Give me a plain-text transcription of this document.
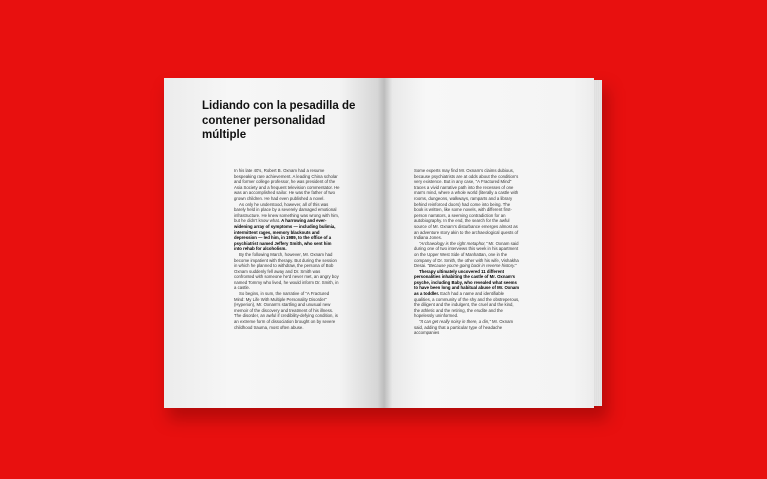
Lidiando con la pesadilla de contener personalidad múltiple

In his late 40's, Robert B. Oxnam had a resume bespeaking rare achievement. A leading China scholar and former college professor, he was president of the Asia Society and a frequent television commentator. He was an accomplished sailor. He was the father of two grown children. He had even published a novel.

As only he understood, however, all of this was barely held in place by a severely damaged emotional infrastructure. He knew something was wrong with him, but he didn't know what. A harrowing and ever-widening array of symptoms — including bulimia, intermittent rages, memory blackouts and depression — led him, in 1989, to the office of a psychiatrist named Jeffery Smith, who sent him into rehab for alcoholism.

By the following March, however, Mr. Oxnam had become impatient with therapy. But during the session in which he planned to withdraw, the persona of Bob Oxnam suddenly fell away and Dr. Smith was confronted with someone he'd never met, an angry boy named Tommy who lived, he would inform Dr. Smith, in a castle.

So begins, in sum, the narrative of "A Fractured Mind: My Life With Multiple Personality Disorder" (Hyperion), Mr. Oxnam's startling and unusual new memoir of the discovery and treatment of his illness. The disorder, an awful if credibility-defying condition, is an extreme form of dissociation brought on by severe childhood trauma, most often abuse.

Some experts may find Mr. Oxnam's claims dubious, because psychiatrists are at odds about the condition's very existence. But in any case, "A Fractured Mind" traces a vivid narrative path into the recesses of one man's mind, where a whole world (literally a castle with rooms, dungeons, walkways, ramparts and a library behind reinforced doors) had come into being. The book is written, like some novels, with different first-person narrators, a seeming contradiction for an autobiography. In the end, the search for the awful source of Mr. Oxnam's disturbance emerges almost as an adventure story akin to the archaeological quests of Indiana Jones.

"Archaeology is the right metaphor," Mr. Oxnam said during one of two interviews this week in his apartment on the Upper West Side of Manhattan, one in the company of Dr. Smith, the other with his wife, Vishakha Desai. "Because you're going back in reverse history."

Therapy ultimately uncovered 11 different personalities inhabiting the castle of Mr. Oxnam's psyche, including Baby, who revealed what seems to have been long and habitual abuse of Mr. Oxnam as a toddler. Each had a name and identifiable qualities, a community of the shy and the obstreperous, the diligent and the indulgent, the cruel and the kind, the athletic and the retiring, the erudite and the hopelessly uninformed.

"It can get really noisy in there, a din," Mr. Oxnam said, adding that a particular type of headache accompanies
